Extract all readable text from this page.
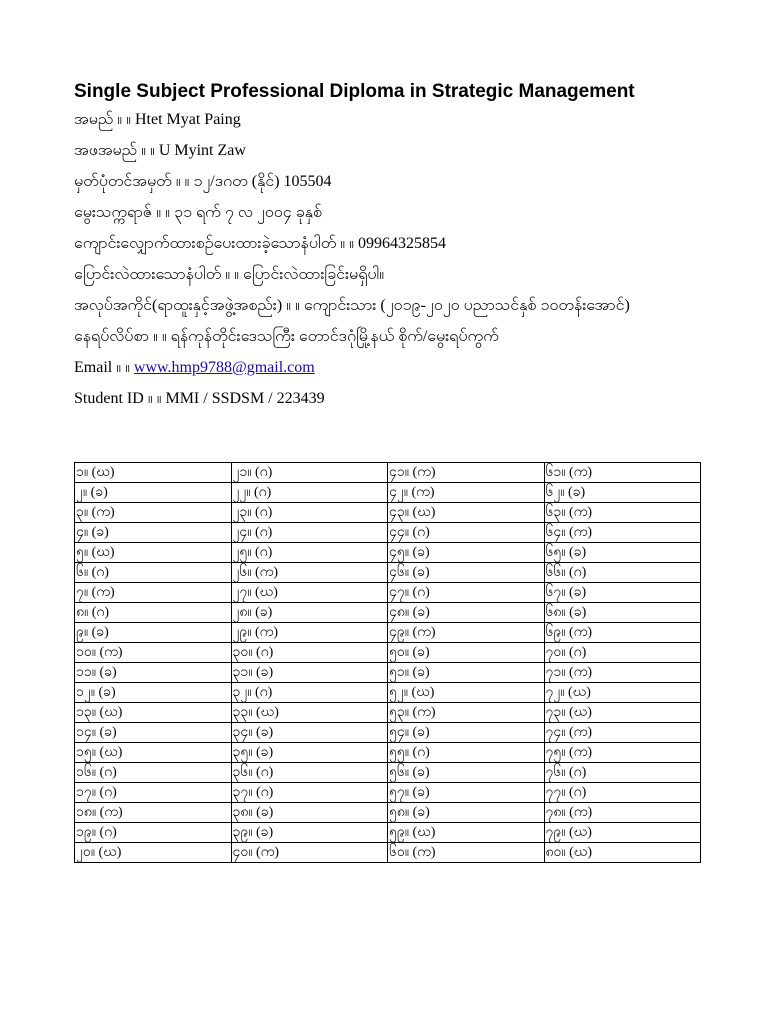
Single Subject Professional Diploma in Strategic Management
အမည် ။ ။ Htet Myat Paing
အဖအမည် ။ ။ U Myint Zaw
မှတ်ပုံတင်အမှတ် ။ ။ ၁၂/ဒဂတ (နိုင်) 105504
မွေးသက္ကရာဇ် ။ ။ ၃၁ ရက် ၇ လ ၂၀၀၄ ခုနှစ်
ကျောင်းလျှောက်ထားစဉ်ပေးထားခဲ့သောနံပါတ် ။ ။ 09964325854
ပြောင်းလဲထားသောနံပါတ် ။ ။ ပြောင်းလဲထားခြင်းမရှိပါ။
အလုပ်အကိုင်(ရာထူးနှင့်အဖွဲ့အစည်း) ။ ။ ကျောင်းသား (၂၀၁၉-၂၀၂၀ ပညာသင်နှစ် ၁၀တန်းအောင်)
နေရပ်လိပ်စာ ။ ။ ရန်ကုန်တိုင်းဒေသကြီး တောင်ဒဂုံမြို့နယ် စိုက်/မွေးရပ်ကွက်
Email ။ ။ www.hmp9788@gmail.com
Student ID ။ ။ MMI / SSDSM / 223439
၁။ (ဃ)	၂၁။ (ဂ)	၄၁။ (က)	၆၁။ (က)
၂။ (ခ)	၂၂။ (ဂ)	၄၂။ (က)	၆၂။ (ခ)
၃။ (က)	၂၃။ (ဂ)	၄၃။ (ဃ)	၆၃။ (က)
၄။ (ခ)	၂၄။ (ဂ)	၄၄။ (ဂ)	၆၄။ (က)
၅။ (ဃ)	၂၅။ (ဂ)	၄၅။ (ခ)	၆၅။ (ခ)
၆။ (ဂ)	၂၆။ (က)	၄၆။ (ခ)	၆၆။ (ဂ)
၇။ (က)	၂၇။ (ဃ)	၄၇။ (ဂ)	၆၇။ (ခ)
၈။ (ဂ)	၂၈။ (ခ)	၄၈။ (ခ)	၆၈။ (ခ)
၉။ (ခ)	၂၉။ (က)	၄၉။ (က)	၆၉။ (က)
၁၀။ (က)	၃၀။ (ဂ)	၅၀။ (ခ)	၇၀။ (ဂ)
၁၁။ (ခ)	၃၁။ (ခ)	၅၁။ (ခ)	၇၁။ (က)
၁၂။ (ခ)	၃၂။ (ဂ)	၅၂။ (ဃ)	၇၂။ (ဃ)
၁၃။ (ဃ)	၃၃။ (ဃ)	၅၃။ (က)	၇၃။ (ဃ)
၁၄။ (ခ)	၃၄။ (ခ)	၅၄။ (ခ)	၇၄။ (က)
၁၅။ (ဃ)	၃၅။ (ခ)	၅၅။ (ဂ)	၇၅။ (က)
၁၆။ (ဂ)	၃၆။ (ဂ)	၅၆။ (ခ)	၇၆။ (ဂ)
၁၇။ (ဂ)	၃၇။ (ဂ)	၅၇။ (ခ)	၇၇။ (ဂ)
၁၈။ (က)	၃၈။ (ခ)	၅၈။ (ခ)	၇၈။ (က)
၁၉။ (ဂ)	၃၉။ (ခ)	၅၉။ (ဃ)	၇၉။ (ဃ)
၂၀။ (ဃ)	၄၀။ (က)	၆၀။ (က)	၈၀။ (ဃ)
